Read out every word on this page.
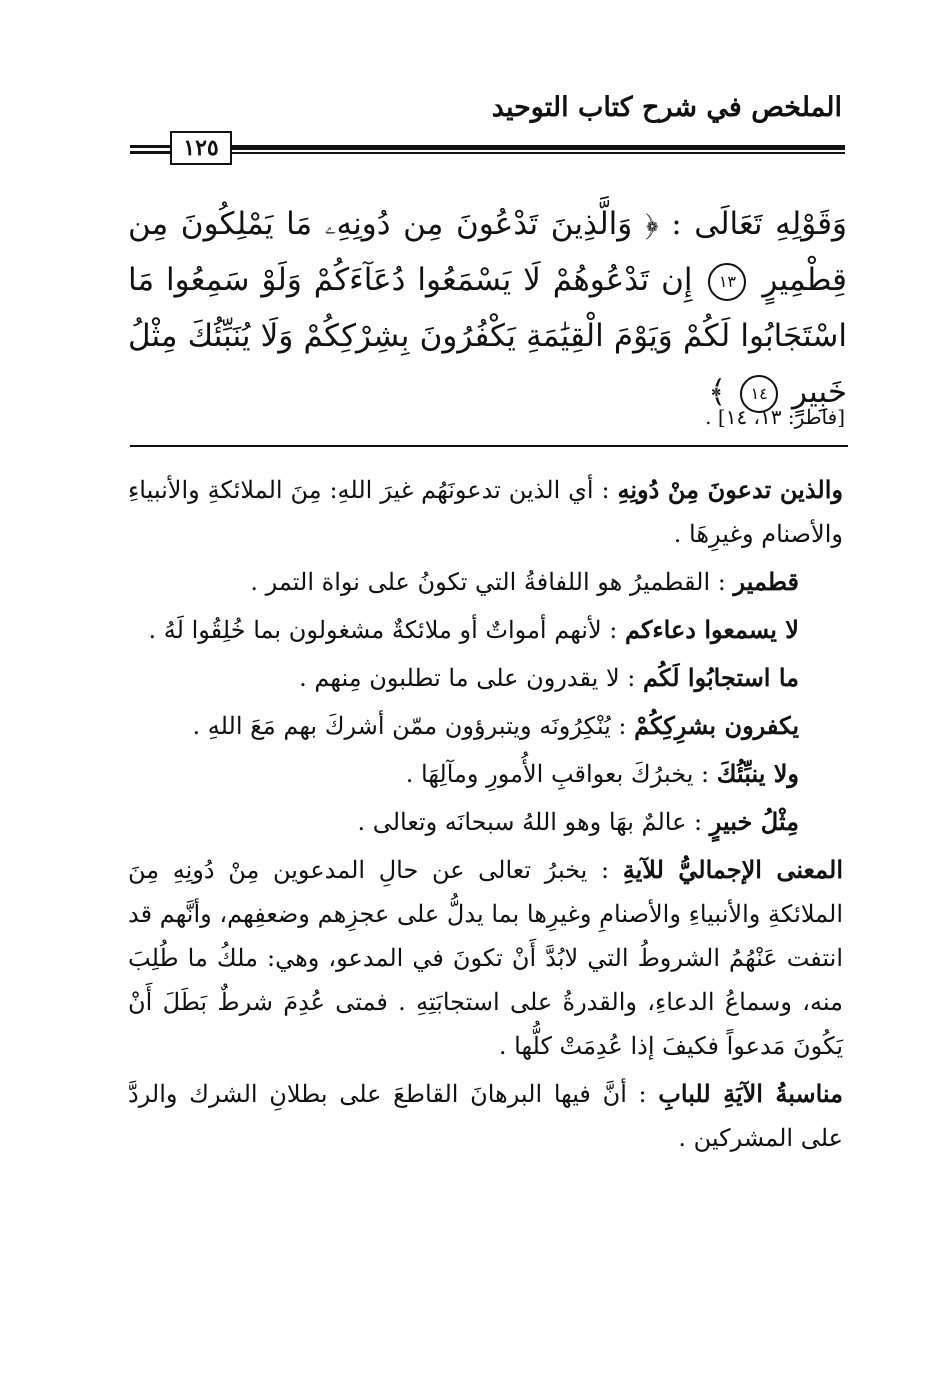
الملخص في شرح كتاب التوحيد
١٢٥
وَقَوْلِهِ تَعَالَى : ﴿ وَالَّذِينَ تَدْعُونَ مِن دُونِهِۦ مَا يَمْلِكُونَ مِن قِطْمِيرٍ ١٣ إِن تَدْعُوهُمْ لَا يَسْمَعُوا دُعَآءَكُمْ وَلَوْ سَمِعُوا مَا اسْتَجَابُوا لَكُمْ وَيَوْمَ الْقِيَٰمَةِ يَكْفُرُونَ بِشِرْكِكُمْ وَلَا يُنَبِّئُكَ مِثْلُ خَبِيرٍ ١٤ ﴾
[فاطر: ١٣، ١٤] .

والذين تدعونَ مِنْ دُونِهِ : أي الذين تدعونَهُم غيرَ اللهِ: مِنَ الملائكةِ والأنبياءِ والأصنام وغيرِهَا .

قطمير : القطميرُ هو اللفافةُ التي تكونُ على نواة التمر .

لا يسمعوا دعاءكم : لأنهم أمواتٌ أو ملائكةٌ مشغولون بما خُلِقُوا لَهُ .

ما استجابُوا لَكُم : لا يقدرون على ما تطلبون مِنهم .

يكفرون بشرِكِكُمْ : يُنْكِرُونَه ويتبرؤون ممّن أشركَ بهم مَعَ اللهِ .

ولا ينبِّئُكَ : يخبرُكَ بعواقبِ الأُمورِ ومآلِهَا .

مِثْلُ خبيرٍ : عالمٌ بهَا وهو اللهُ سبحانَه وتعالى .

المعنى الإجماليُّ للآيةِ : يخبرُ تعالى عن حالِ المدعوين مِنْ دُونِهِ مِنَ الملائكةِ والأنبياءِ والأصنامِ وغيرِها بما يدلُّ على عجزِهم وضعفِهم، وأنَّهم قد انتفت عَنْهُمُ الشروطُ التي لابُدَّ أَنْ تكونَ في المدعو، وهي: ملكُ ما طُلِبَ منه، وسماعُ الدعاءِ، والقدرةُ على استجابَتِهِ . فمتى عُدِمَ شرطٌ بَطَلَ أَنْ يَكُونَ مَدعواً فكيفَ إذا عُدِمَتْ كلُّها .

مناسبةُ الآيَةِ للبابِ : أنَّ فيها البرهانَ القاطعَ على بطلانِ الشرك والردَّ على المشركين .
